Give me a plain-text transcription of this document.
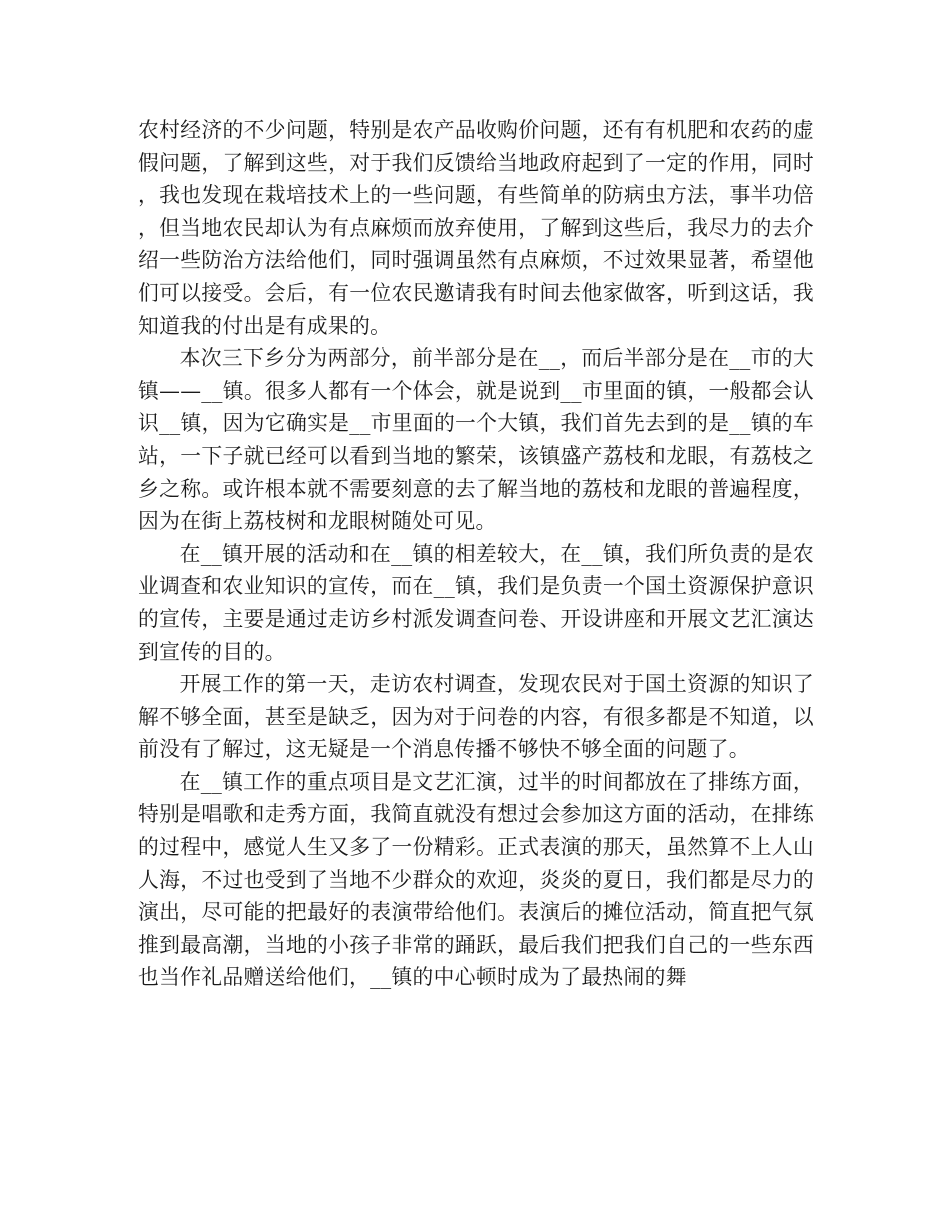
农村经济的不少问题，特别是农产品收购价问题，还有有机肥和农药的虚假问题，了解到这些，对于我们反馈给当地政府起到了一定的作用，同时，我也发现在栽培技术上的一些问题，有些简单的防病虫方法，事半功倍，但当地农民却认为有点麻烦而放弃使用，了解到这些后，我尽力的去介绍一些防治方法给他们，同时强调虽然有点麻烦，不过效果显著，希望他们可以接受。会后，有一位农民邀请我有时间去他家做客，听到这话，我知道我的付出是有成果的。

本次三下乡分为两部分，前半部分是在__，而后半部分是在__市的大镇——__镇。很多人都有一个体会，就是说到__市里面的镇，一般都会认识__镇，因为它确实是__市里面的一个大镇，我们首先去到的是__镇的车站，一下子就已经可以看到当地的繁荣，该镇盛产荔枝和龙眼，有荔枝之乡之称。或许根本就不需要刻意的去了解当地的荔枝和龙眼的普遍程度，因为在街上荔枝树和龙眼树随处可见。

在__镇开展的活动和在__镇的相差较大，在__镇，我们所负责的是农业调查和农业知识的宣传，而在__镇，我们是负责一个国土资源保护意识的宣传，主要是通过走访乡村派发调查问卷、开设讲座和开展文艺汇演达到宣传的目的。

开展工作的第一天，走访农村调查，发现农民对于国土资源的知识了解不够全面，甚至是缺乏，因为对于问卷的内容，有很多都是不知道，以前没有了解过，这无疑是一个消息传播不够快不够全面的问题了。

在__镇工作的重点项目是文艺汇演，过半的时间都放在了排练方面，特别是唱歌和走秀方面，我简直就没有想过会参加这方面的活动，在排练的过程中，感觉人生又多了一份精彩。正式表演的那天，虽然算不上人山人海，不过也受到了当地不少群众的欢迎，炎炎的夏日，我们都是尽力的演出，尽可能的把最好的表演带给他们。表演后的摊位活动，简直把气氛推到最高潮，当地的小孩子非常的踊跃，最后我们把我们自己的一些东西也当作礼品赠送给他们，__镇的中心顿时成为了最热闹的舞
